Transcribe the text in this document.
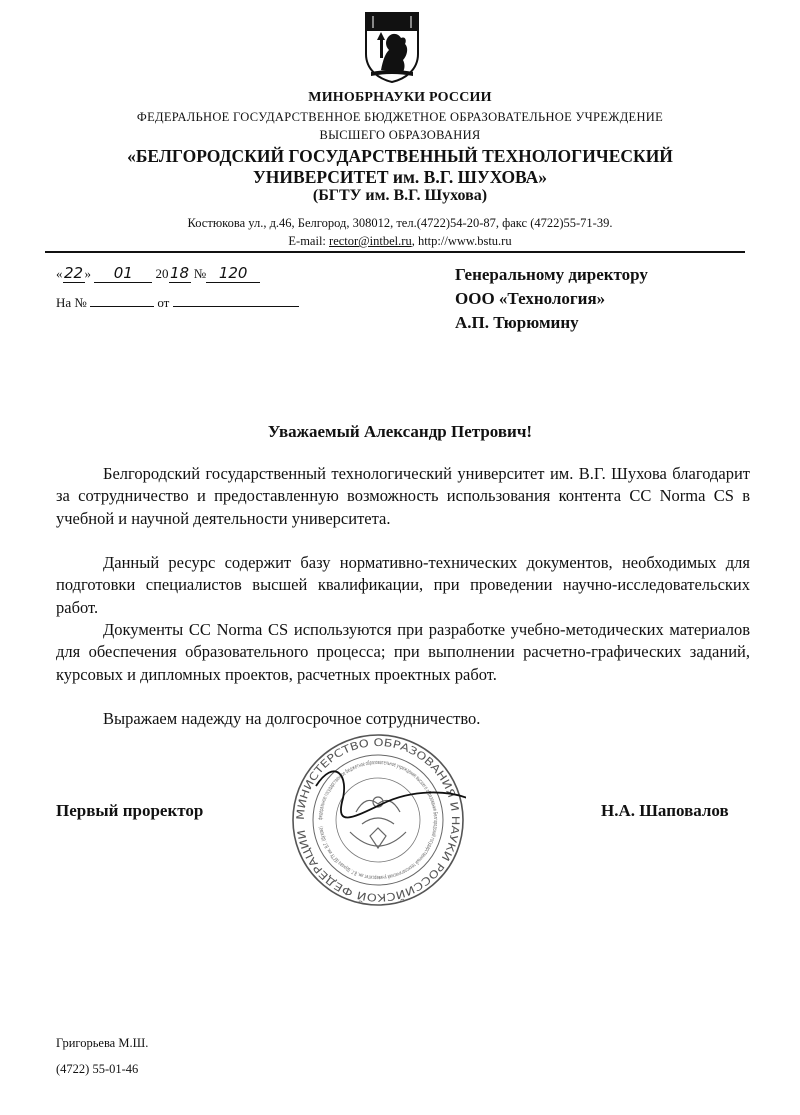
МИНОБРНАУКИ РОССИИ
ФЕДЕРАЛЬНОЕ ГОСУДАРСТВЕННОЕ БЮДЖЕТНОЕ ОБРАЗОВАТЕЛЬНОЕ УЧРЕЖДЕНИЕ
ВЫСШЕГО ОБРАЗОВАНИЯ
«БЕЛГОРОДСКИЙ ГОСУДАРСТВЕННЫЙ ТЕХНОЛОГИЧЕСКИЙ
УНИВЕРСИТЕТ им. В.Г. ШУХОВА»
(БГТУ им. В.Г. Шухова)
Костюкова ул., д.46, Белгород, 308012, тел.(4722)54-20-87, факс (4722)55-71-39.
E-mail: rector@intbel.ru, http://www.bstu.ru
«22» 01 2018 № 120
На №	от
Генеральному директору
ООО «Технология»
А.П. Тюрюмину
Уважаемый Александр Петрович!

Белгородский государственный технологический университет им. В.Г. Шухова благодарит за сотрудничество и предоставленную возможность использования контента СС Norma CS в учебной и научной деятельности университета.

Данный ресурс содержит базу нормативно-технических документов, необходимых для подготовки специалистов высшей квалификации, при проведении научно-исследовательских работ.

Документы СС Norma CS используются при разработке учебно-методических материалов для обеспечения образовательного процесса; при выполнении расчетно-графических заданий, курсовых и дипломных проектов, расчетных проектных работ.

Выражаем надежду на долгосрочное сотрудничество.

МИНИСТЕРСТВО ОБРАЗОВАНИЯ И НАУКИ РОССИЙСКОЙ ФЕДЕРАЦИИ
федеральное государственное бюджетное образовательное учреждение высшего образования Белгородский государственный технологический университет им. В.Г. Шухова (БГТУ им. В.Г. Шухова)
Первый проректор	Н.А. Шаповалов
Григорьева М.Ш.
(4722) 55-01-46
